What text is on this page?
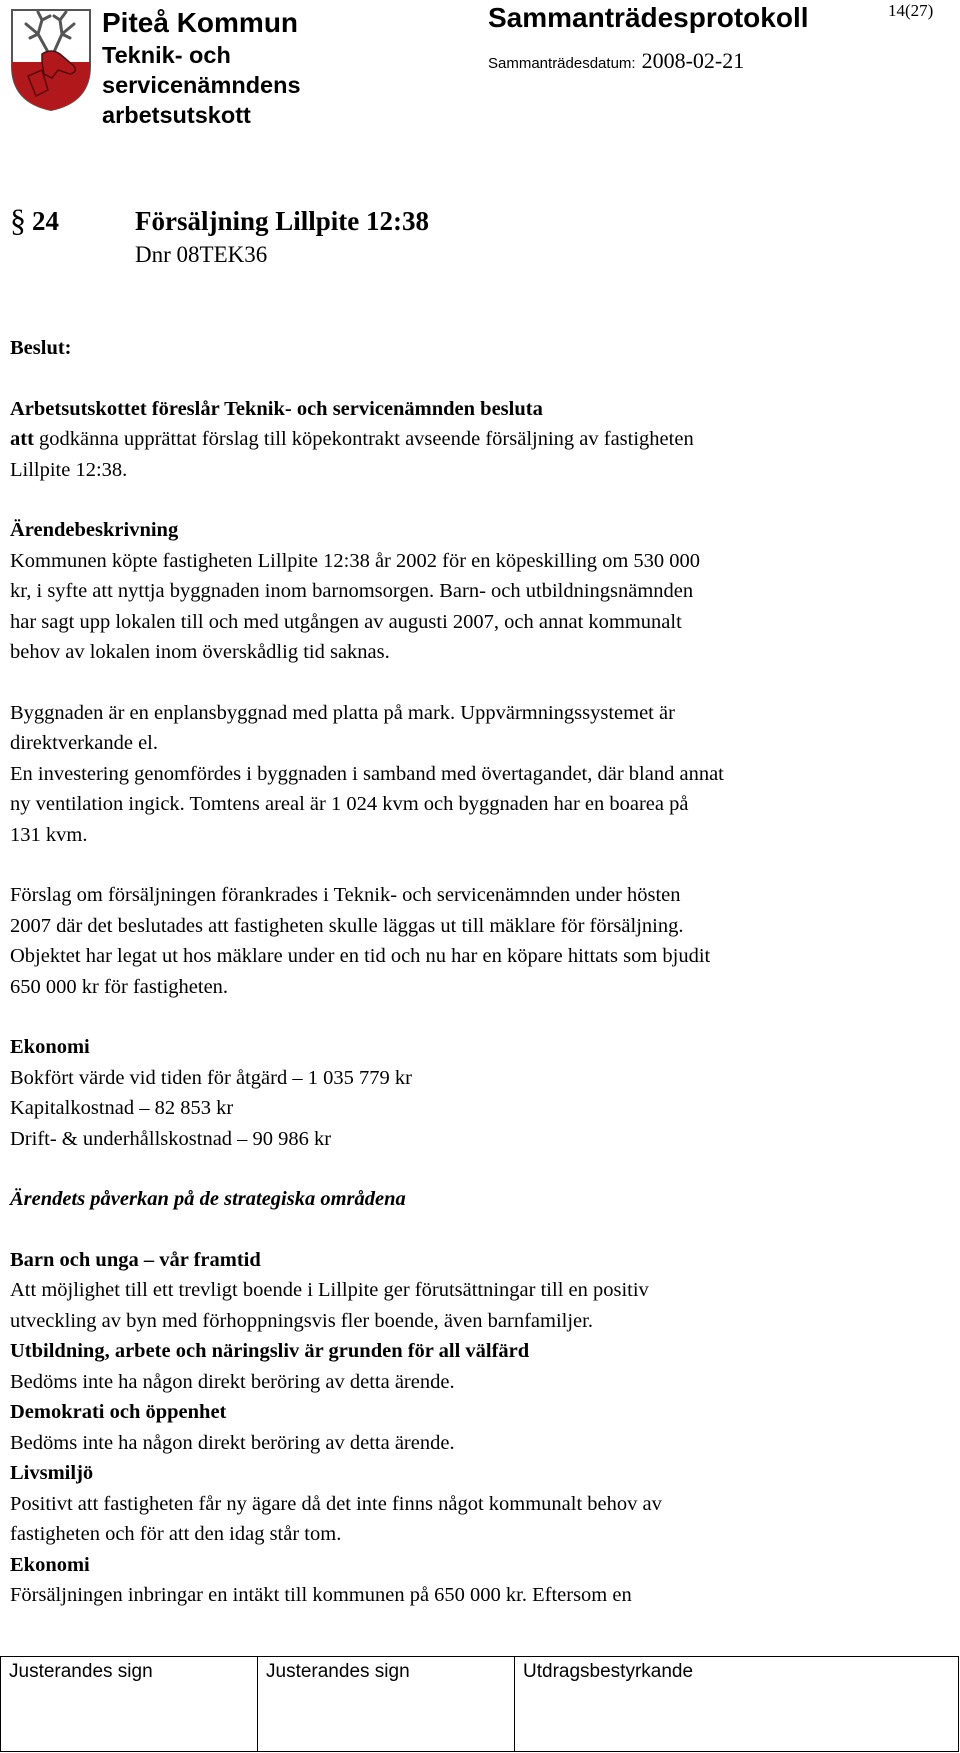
Piteå Kommun
Teknik- och
servicenämndens
arbetsutskott
Sammanträdesprotokoll	14(27)
Sammanträdesdatum: 2008-02-21
§ 24	Försäljning Lillpite 12:38
Dnr 08TEK36

Beslut:

Arbetsutskottet föreslår Teknik- och servicenämnden besluta

att godkänna upprättat förslag till köpekontrakt avseende försäljning av fastigheten

Lillpite 12:38.

Ärendebeskrivning

Kommunen köpte fastigheten Lillpite 12:38 år 2002 för en köpeskilling om 530 000

kr, i syfte att nyttja byggnaden inom barnomsorgen. Barn- och utbildningsnämnden

har sagt upp lokalen till och med utgången av augusti 2007, och annat kommunalt

behov av lokalen inom överskådlig tid saknas.

Byggnaden är en enplansbyggnad med platta på mark. Uppvärmningssystemet är

direktverkande el.

En investering genomfördes i byggnaden i samband med övertagandet, där bland annat

ny ventilation ingick. Tomtens areal är 1 024 kvm och byggnaden har en boarea på

131 kvm.

Förslag om försäljningen förankrades i Teknik- och servicenämnden under hösten

2007 där det beslutades att fastigheten skulle läggas ut till mäklare för försäljning.

Objektet har legat ut hos mäklare under en tid och nu har en köpare hittats som bjudit

650 000 kr för fastigheten.

Ekonomi

Bokfört värde vid tiden för åtgärd – 1 035 779 kr

Kapitalkostnad – 82 853 kr

Drift- & underhållskostnad – 90 986 kr

Ärendets påverkan på de strategiska områdena

Barn och unga – vår framtid

Att möjlighet till ett trevligt boende i Lillpite ger förutsättningar till en positiv

utveckling av byn med förhoppningsvis fler boende, även barnfamiljer.

Utbildning, arbete och näringsliv är grunden för all välfärd

Bedöms inte ha någon direkt beröring av detta ärende.

Demokrati och öppenhet

Bedöms inte ha någon direkt beröring av detta ärende.

Livsmiljö

Positivt att fastigheten får ny ägare då det inte finns något kommunalt behov av

fastigheten och för att den idag står tom.

Ekonomi

Försäljningen inbringar en intäkt till kommunen på 650 000 kr. Eftersom en

Justerandes sign	Justerandes sign	Utdragsbestyrkande
